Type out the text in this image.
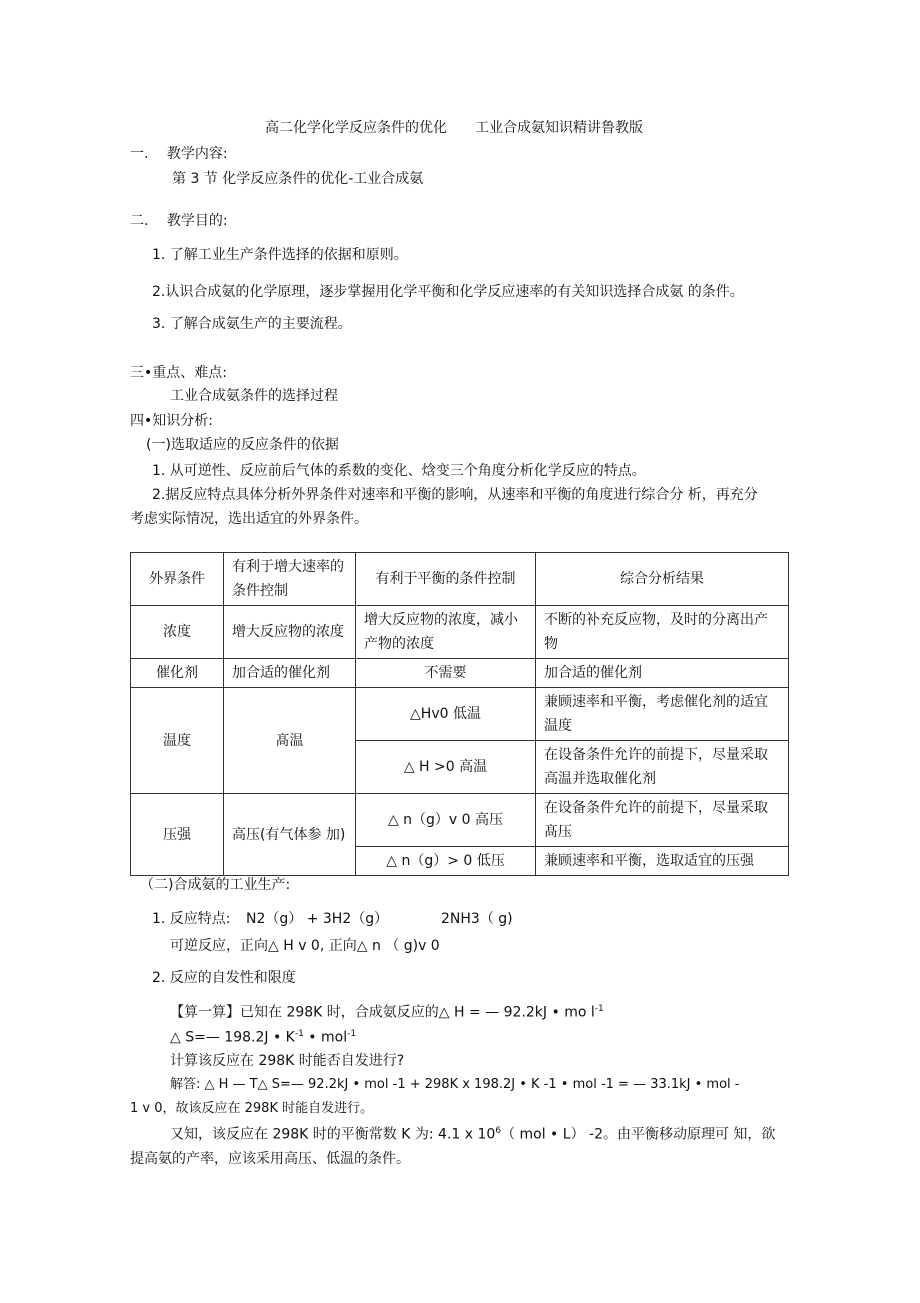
高二化学化学反应条件的优化　　工业合成氨知识精讲鲁教版
一.　 教学内容:
第 3 节 化学反应条件的优化-工业合成氨
二.　 教学目的:
1. 了解工业生产条件选择的依据和原则。
2.认识合成氨的化学原理，逐步掌握用化学平衡和化学反应速率的有关知识选择合成氨 的条件。
3. 了解合成氨生产的主要流程。
三•重点、难点:
工业合成氨条件的选择过程
四•知识分析:
(一)选取适应的反应条件的依据
1. 从可逆性、反应前后气体的系数的变化、焓变三个角度分析化学反应的特点。
2.据反应特点具体分析外界条件对速率和平衡的影响，从速率和平衡的角度进行综合分 析，再充分
考虑实际情况，选出适宜的外界条件。
外界条件	有利于增大速率的条件控制	有利于平衡的条件控制	综合分析结果
浓度	增大反应物的浓度	增大反应物的浓度，减小产物的浓度	不断的补充反应物，及时的分离出产物
催化剂	加合适的催化剂	不需要	加合适的催化剂
温度	髙温	△Hv0 低温	兼顾速率和平衡，考虑催化剂的适宜温度
		△ H >0 高温	在设备条件允许的前提下，尽量采取高温并选取催化剂
压强	高压(有气体参 加)	△ n（g）v 0 高压	在设备条件允许的前提下，尽量采取髙压
		△ n（g）> 0 低压	兼顾速率和平衡，选取适宜的压强
（二)合成氨的工业生产:
1. 反应特点: N2（g） + 3H2（g）	2NH3（ g)
可逆反应，正向△ H v 0, 正向△ n （ g)v 0
2. 反应的自发性和限度
【算一算】已知在 298K 时，合成氨反应的△ H = — 92.2kJ • mo $l^{-1}$
△ S=— 198.2J • $K^{-1}$ • mol$^{-1}$
计算该反应在 298K 时能否自发进行?
解答: △ H — T△ S=— 92.2kJ • mol -1 + 298K x 198.2J • K -1 • mol -1 = — 33.1kJ • mol -
1 v 0，故该反应在 298K 时能自发进行。
又知，该反应在 298K 时的平衡常数 K 为: 4.1 x $10^6$（ mol • L） -2。由平衡移动原理可 知，欲
提高氨的产率，应该采用高压、低温的条件。
